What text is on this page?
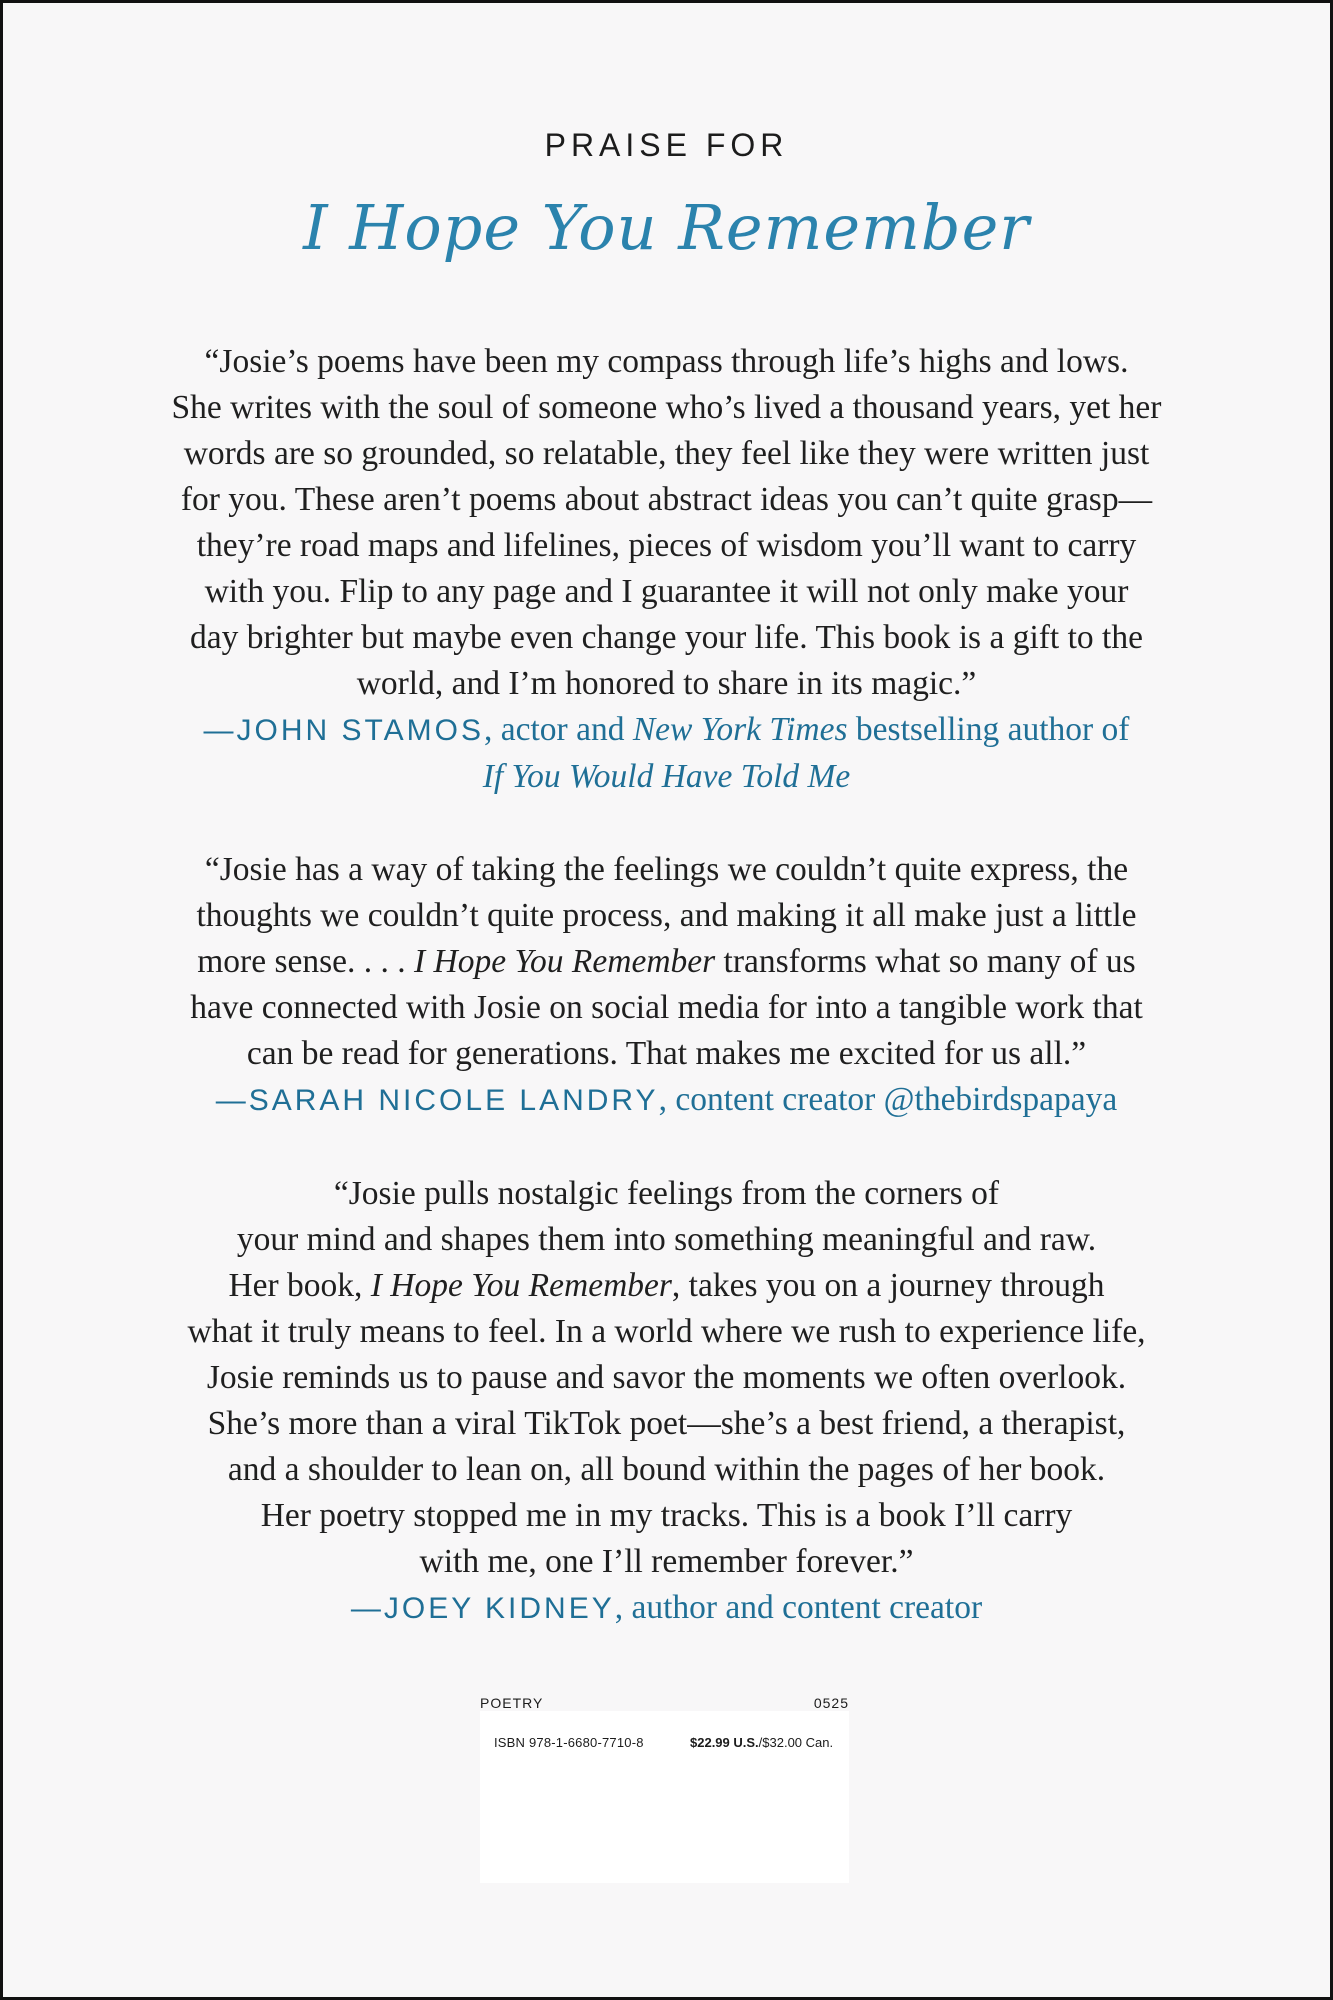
PRAISE FOR
I Hope You Remember
“Josie’s poems have been my compass through life’s highs and lows.
She writes with the soul of someone who’s lived a thousand years, yet her
words are so grounded, so relatable, they feel like they were written just
for you. These aren’t poems about abstract ideas you can’t quite grasp—
they’re road maps and lifelines, pieces of wisdom you’ll want to carry
with you. Flip to any page and I guarantee it will not only make your
day brighter but maybe even change your life. This book is a gift to the
world, and I’m honored to share in its magic.”
—JOHN STAMOS, actor and New York Times bestselling author of
If You Would Have Told Me
“Josie has a way of taking the feelings we couldn’t quite express, the
thoughts we couldn’t quite process, and making it all make just a little
more sense. . . . I Hope You Remember transforms what so many of us
have connected with Josie on social media for into a tangible work that
can be read for generations. That makes me excited for us all.”
—SARAH NICOLE LANDRY, content creator @thebirdspapaya
“Josie pulls nostalgic feelings from the corners of
your mind and shapes them into something meaningful and raw.
Her book, I Hope You Remember, takes you on a journey through
what it truly means to feel. In a world where we rush to experience life,
Josie reminds us to pause and savor the moments we often overlook.
She’s more than a viral TikTok poet—she’s a best friend, a therapist,
and a shoulder to lean on, all bound within the pages of her book.
Her poetry stopped me in my tracks. This is a book I’ll carry
with me, one I’ll remember forever.”
—JOEY KIDNEY, author and content creator
POETRY	0525
ISBN 978-1-6680-7710-8	$22.99 U.S./$32.00 Can.
